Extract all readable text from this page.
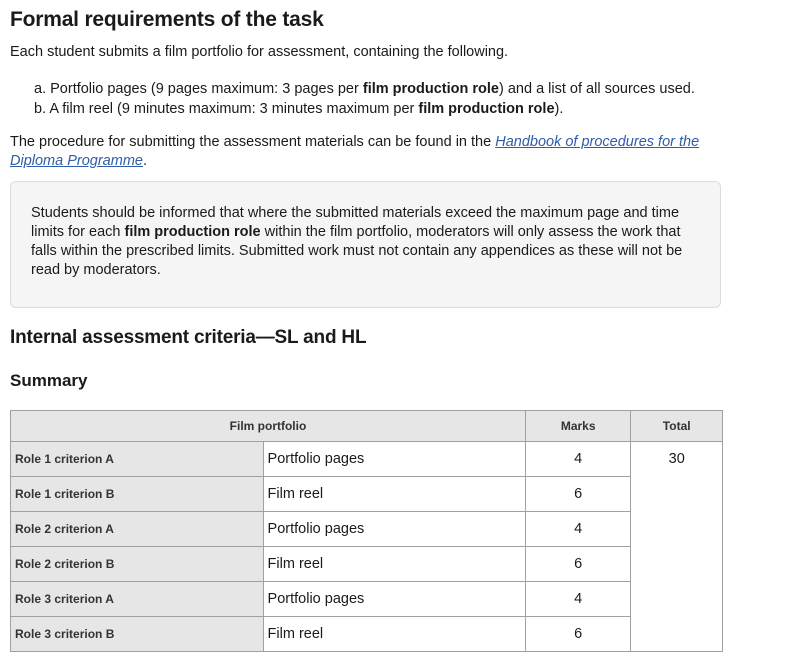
Formal requirements of the task

Each student submits a film portfolio for assessment, containing the following.

a. Portfolio pages (9 pages maximum: 3 pages per film production role) and a list of all sources used.
b. A film reel (9 minutes maximum: 3 minutes maximum per film production role).

The procedure for submitting the assessment materials can be found in the Handbook of procedures for the Diploma Programme.

Students should be informed that where the submitted materials exceed the maximum page and time limits for each film production role within the film portfolio, moderators will only assess the work that falls within the prescribed limits. Submitted work must not contain any appendices as these will not be read by moderators.
Internal assessment criteria—SL and HL
Summary
Film portfolio		Marks	Total
Role 1 criterion A	Portfolio pages	4	30
Role 1 criterion B	Film reel	6	
Role 2 criterion A	Portfolio pages	4	
Role 2 criterion B	Film reel	6	
Role 3 criterion A	Portfolio pages	4	
Role 3 criterion B	Film reel	6	
